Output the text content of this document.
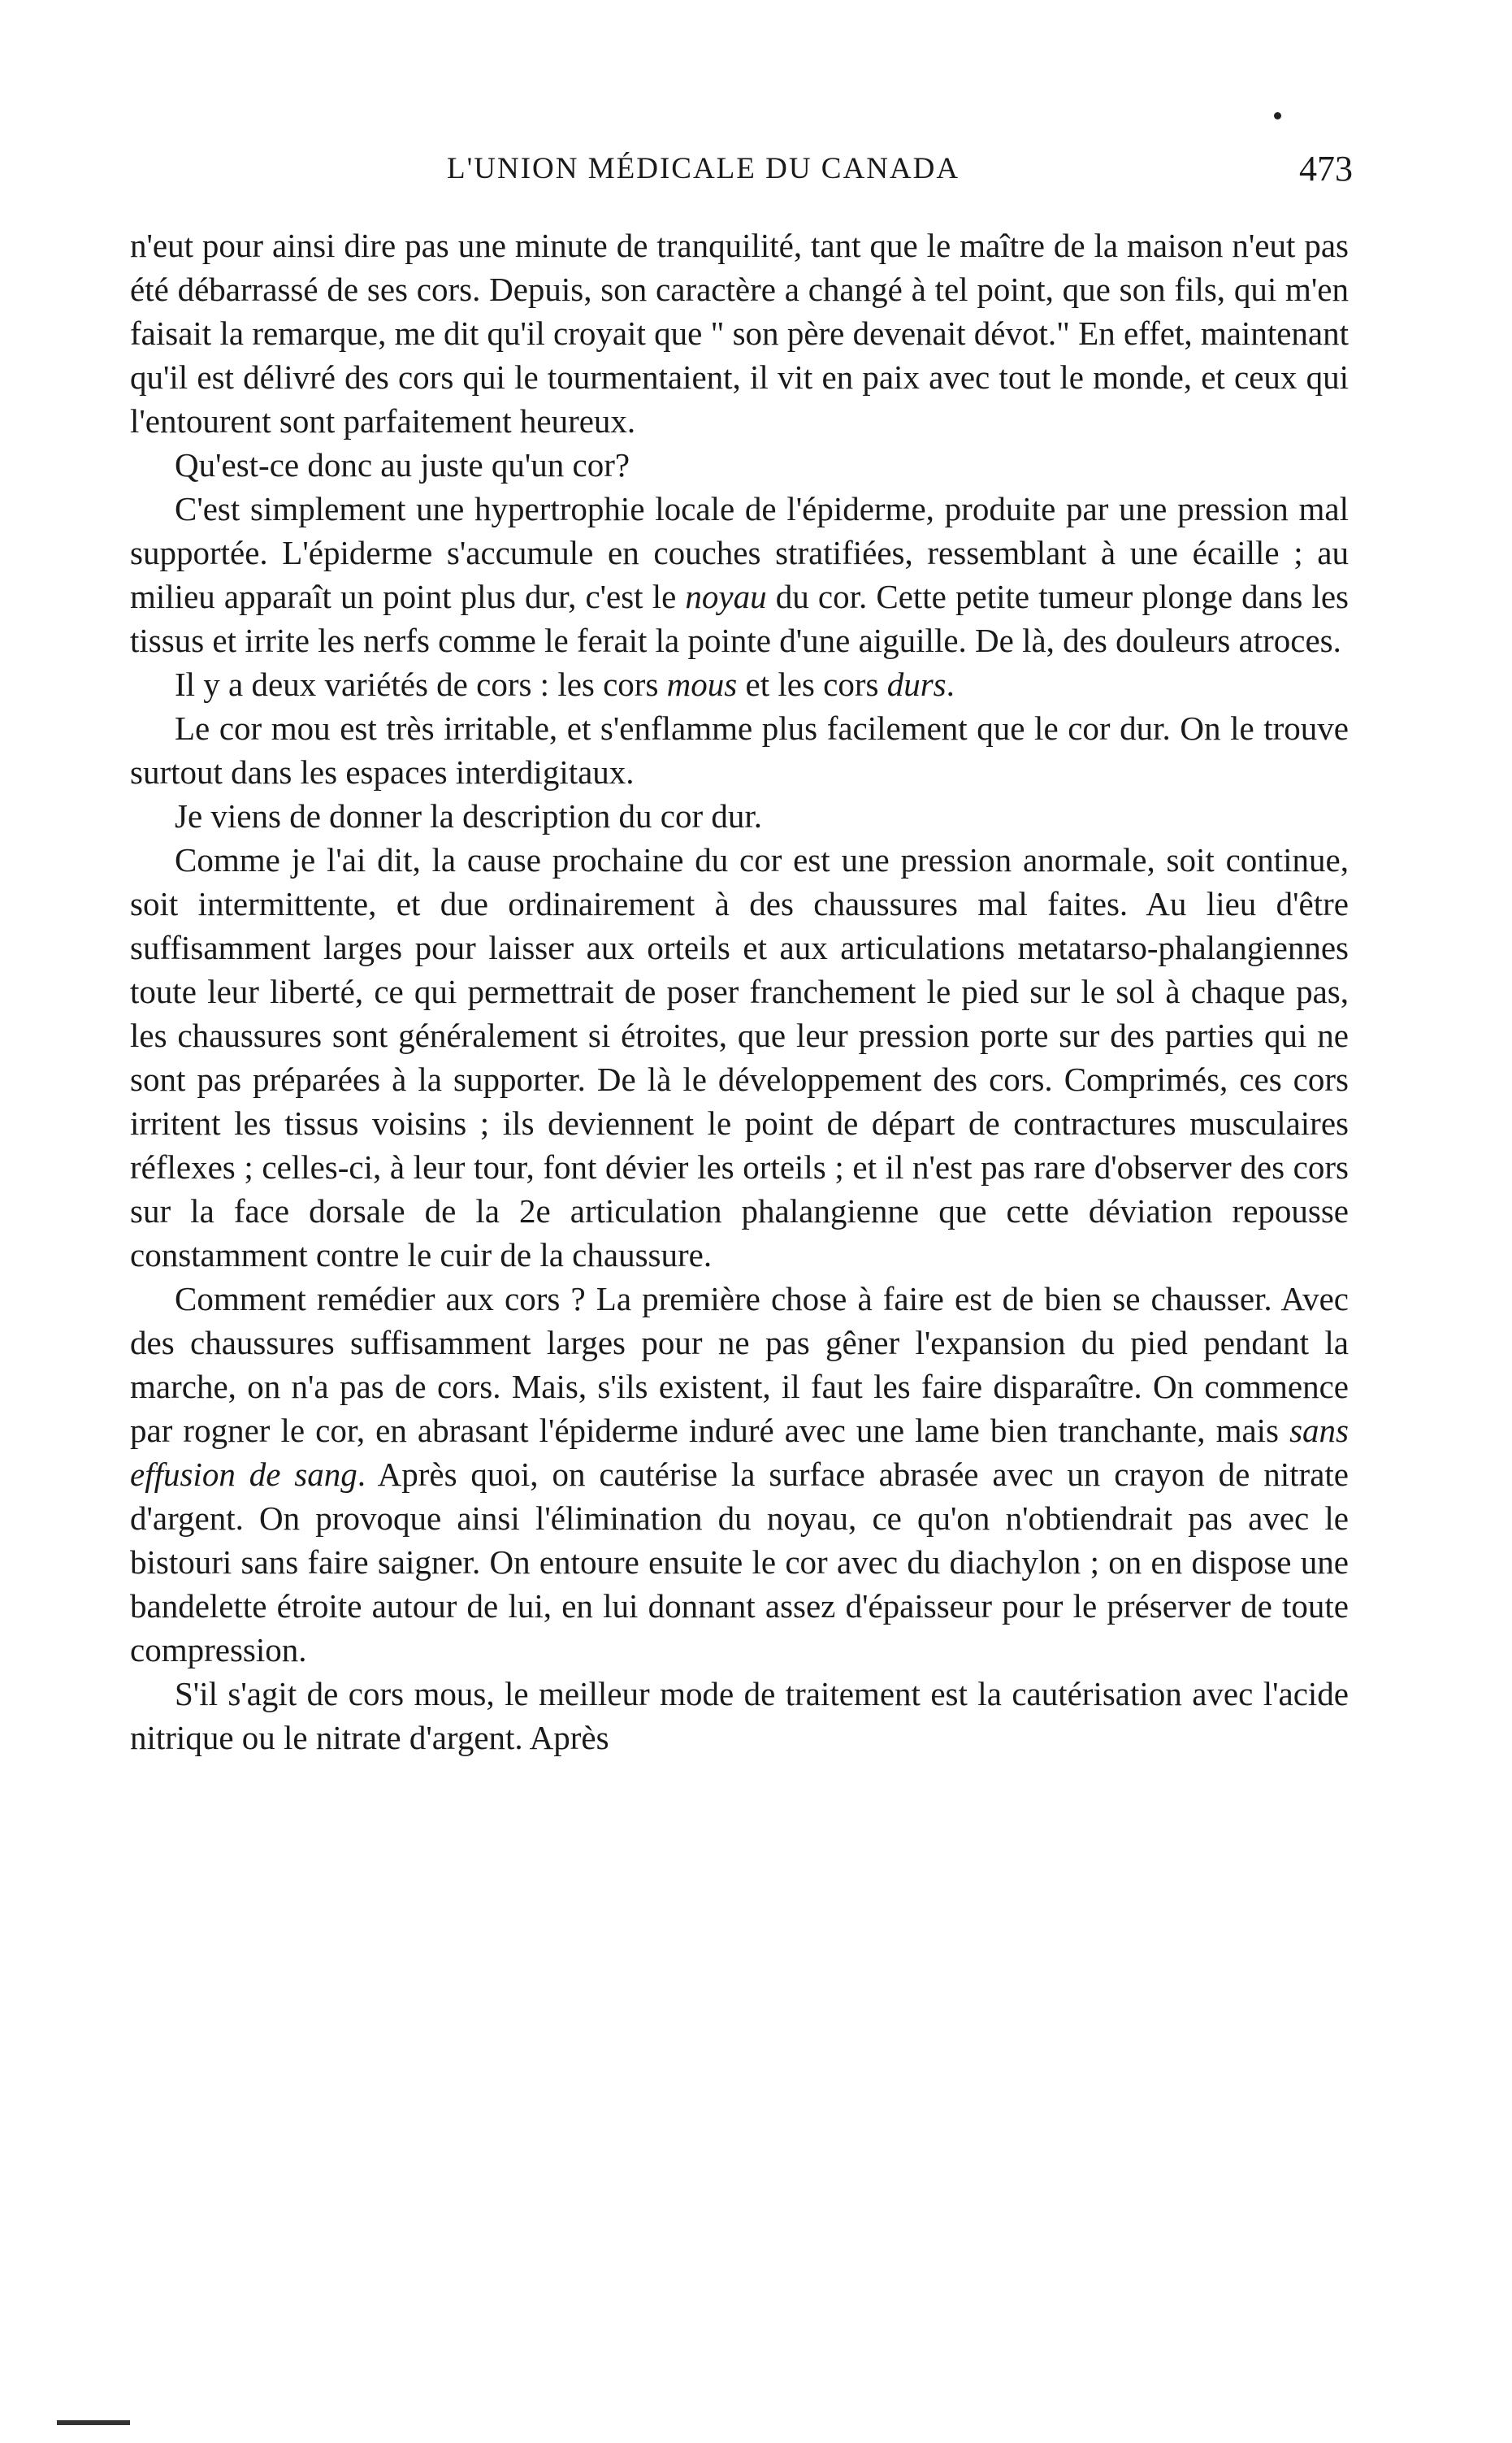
L'UNION MÉDICALE DU CANADA	473

n'eut pour ainsi dire pas une minute de tranquilité, tant que le maître de la maison n'eut pas été débarrassé de ses cors. Depuis, son caractère a changé à tel point, que son fils, qui m'en faisait la remarque, me dit qu'il croyait que " son père devenait dévot." En effet, maintenant qu'il est délivré des cors qui le tourmentaient, il vit en paix avec tout le monde, et ceux qui l'entourent sont parfaitement heureux.

Qu'est-ce donc au juste qu'un cor?

C'est simplement une hypertrophie locale de l'épiderme, produite par une pression mal supportée. L'épiderme s'accumule en couches stratifiées, ressemblant à une écaille ; au milieu apparaît un point plus dur, c'est le noyau du cor. Cette petite tumeur plonge dans les tissus et irrite les nerfs comme le ferait la pointe d'une aiguille. De là, des douleurs atroces.

Il y a deux variétés de cors : les cors mous et les cors durs.

Le cor mou est très irritable, et s'enflamme plus facilement que le cor dur. On le trouve surtout dans les espaces interdigitaux.

Je viens de donner la description du cor dur.

Comme je l'ai dit, la cause prochaine du cor est une pression anormale, soit continue, soit intermittente, et due ordinairement à des chaussures mal faites. Au lieu d'être suffisamment larges pour laisser aux orteils et aux articulations metatarso-phalangiennes toute leur liberté, ce qui permettrait de poser franchement le pied sur le sol à chaque pas, les chaussures sont généralement si étroites, que leur pression porte sur des parties qui ne sont pas préparées à la supporter. De là le développement des cors. Comprimés, ces cors irritent les tissus voisins ; ils deviennent le point de départ de contractures musculaires réflexes ; celles-ci, à leur tour, font dévier les orteils ; et il n'est pas rare d'observer des cors sur la face dorsale de la 2e articulation phalangienne que cette déviation repousse constamment contre le cuir de la chaussure.

Comment remédier aux cors ? La première chose à faire est de bien se chausser. Avec des chaussures suffisamment larges pour ne pas gêner l'expansion du pied pendant la marche, on n'a pas de cors. Mais, s'ils existent, il faut les faire disparaître. On commence par rogner le cor, en abrasant l'épiderme induré avec une lame bien tranchante, mais sans effusion de sang. Après quoi, on cautérise la surface abrasée avec un crayon de nitrate d'argent. On provoque ainsi l'élimination du noyau, ce qu'on n'obtiendrait pas avec le bistouri sans faire saigner. On entoure ensuite le cor avec du diachylon ; on en dispose une bandelette étroite autour de lui, en lui donnant assez d'épaisseur pour le préserver de toute compression.

S'il s'agit de cors mous, le meilleur mode de traitement est la cautérisation avec l'acide nitrique ou le nitrate d'argent. Après
